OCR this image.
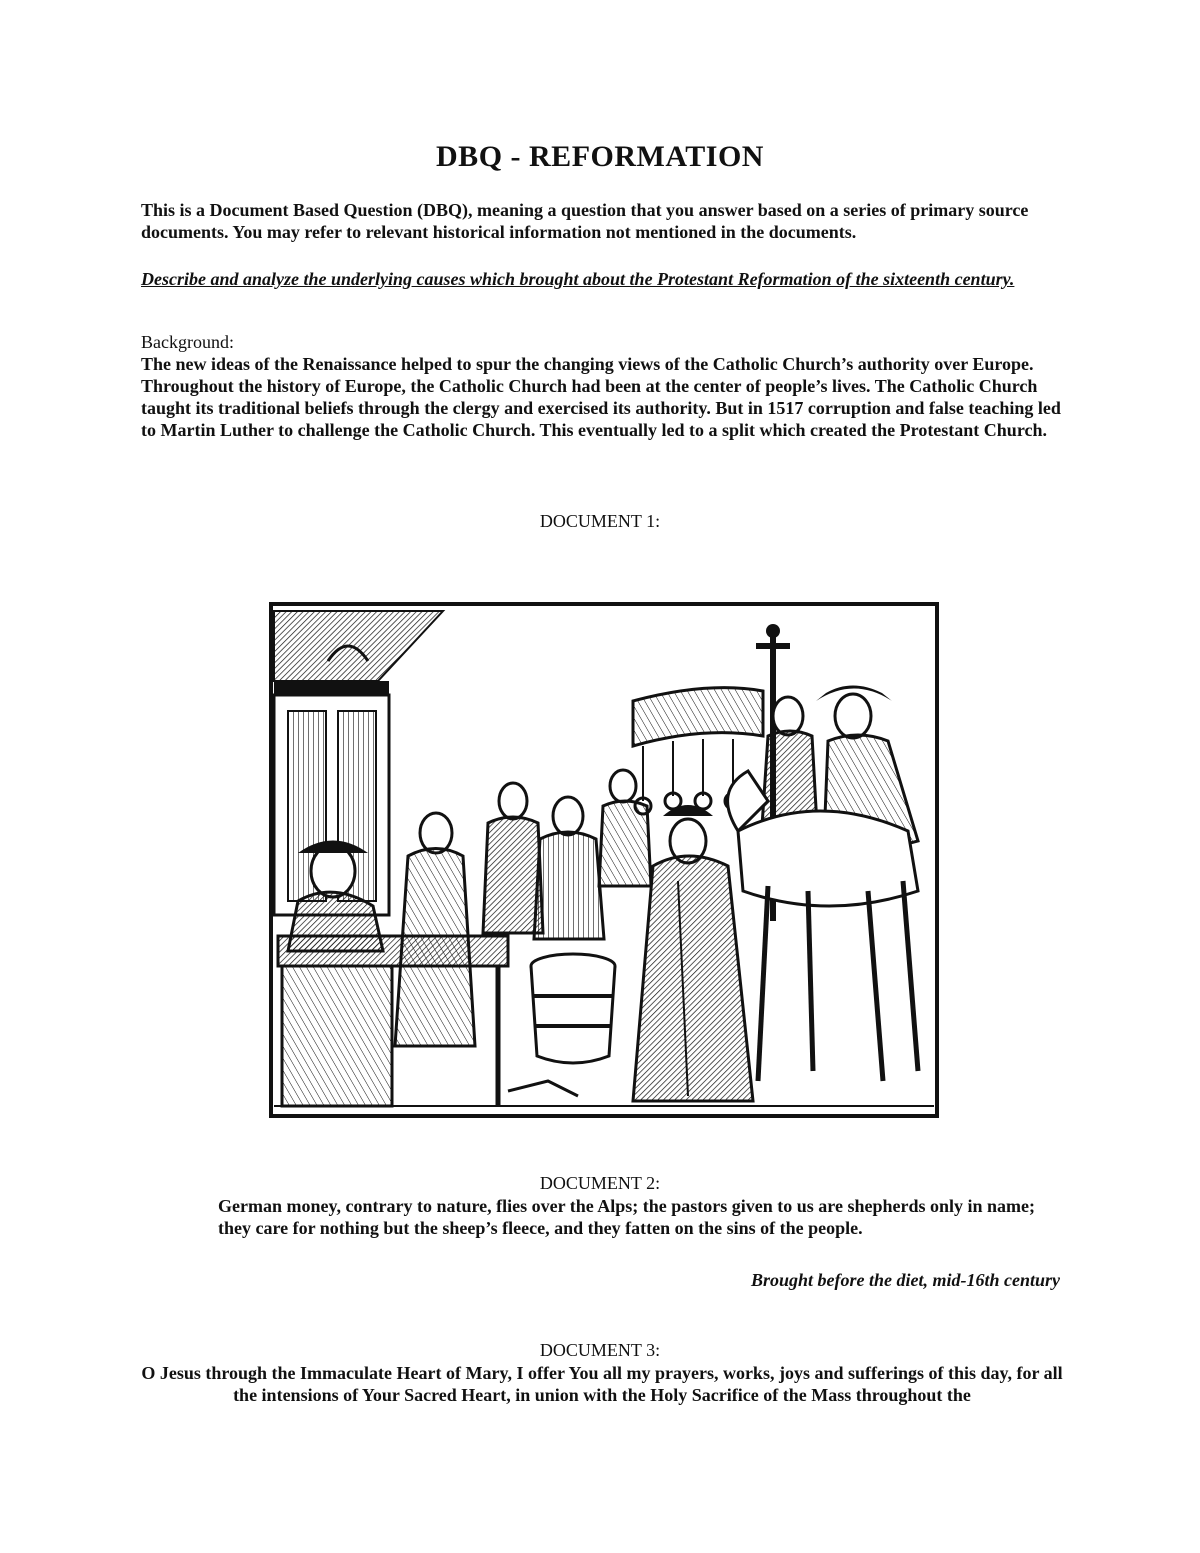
DBQ - REFORMATION

This is a Document Based Question (DBQ), meaning a question that you answer based on a series of primary source documents. You may refer to relevant historical information not mentioned in the documents.

Describe and analyze the underlying causes which brought about the Protestant Reformation of the sixteenth century.

Background:

The new ideas of the Renaissance helped to spur the changing views of the Catholic Church’s authority over Europe. Throughout the history of Europe, the Catholic Church had been at the center of people’s lives. The Catholic Church taught its traditional beliefs through the clergy and exercised its authority. But in 1517 corruption and false teaching led to Martin Luther to challenge the Catholic Church. This eventually led to a split which created the Protestant Church.

DOCUMENT 1:

DOCUMENT 2:

German money, contrary to nature, flies over the Alps; the pastors given to us are shepherds only in name; they care for nothing but the sheep’s fleece, and they fatten on the sins of the people.

Brought before the diet, mid-16th century

DOCUMENT 3:

O Jesus through the Immaculate Heart of Mary, I offer You all my prayers, works, joys and sufferings of this day, for all the intensions of Your Sacred Heart, in union with the Holy Sacrifice of the Mass throughout the
